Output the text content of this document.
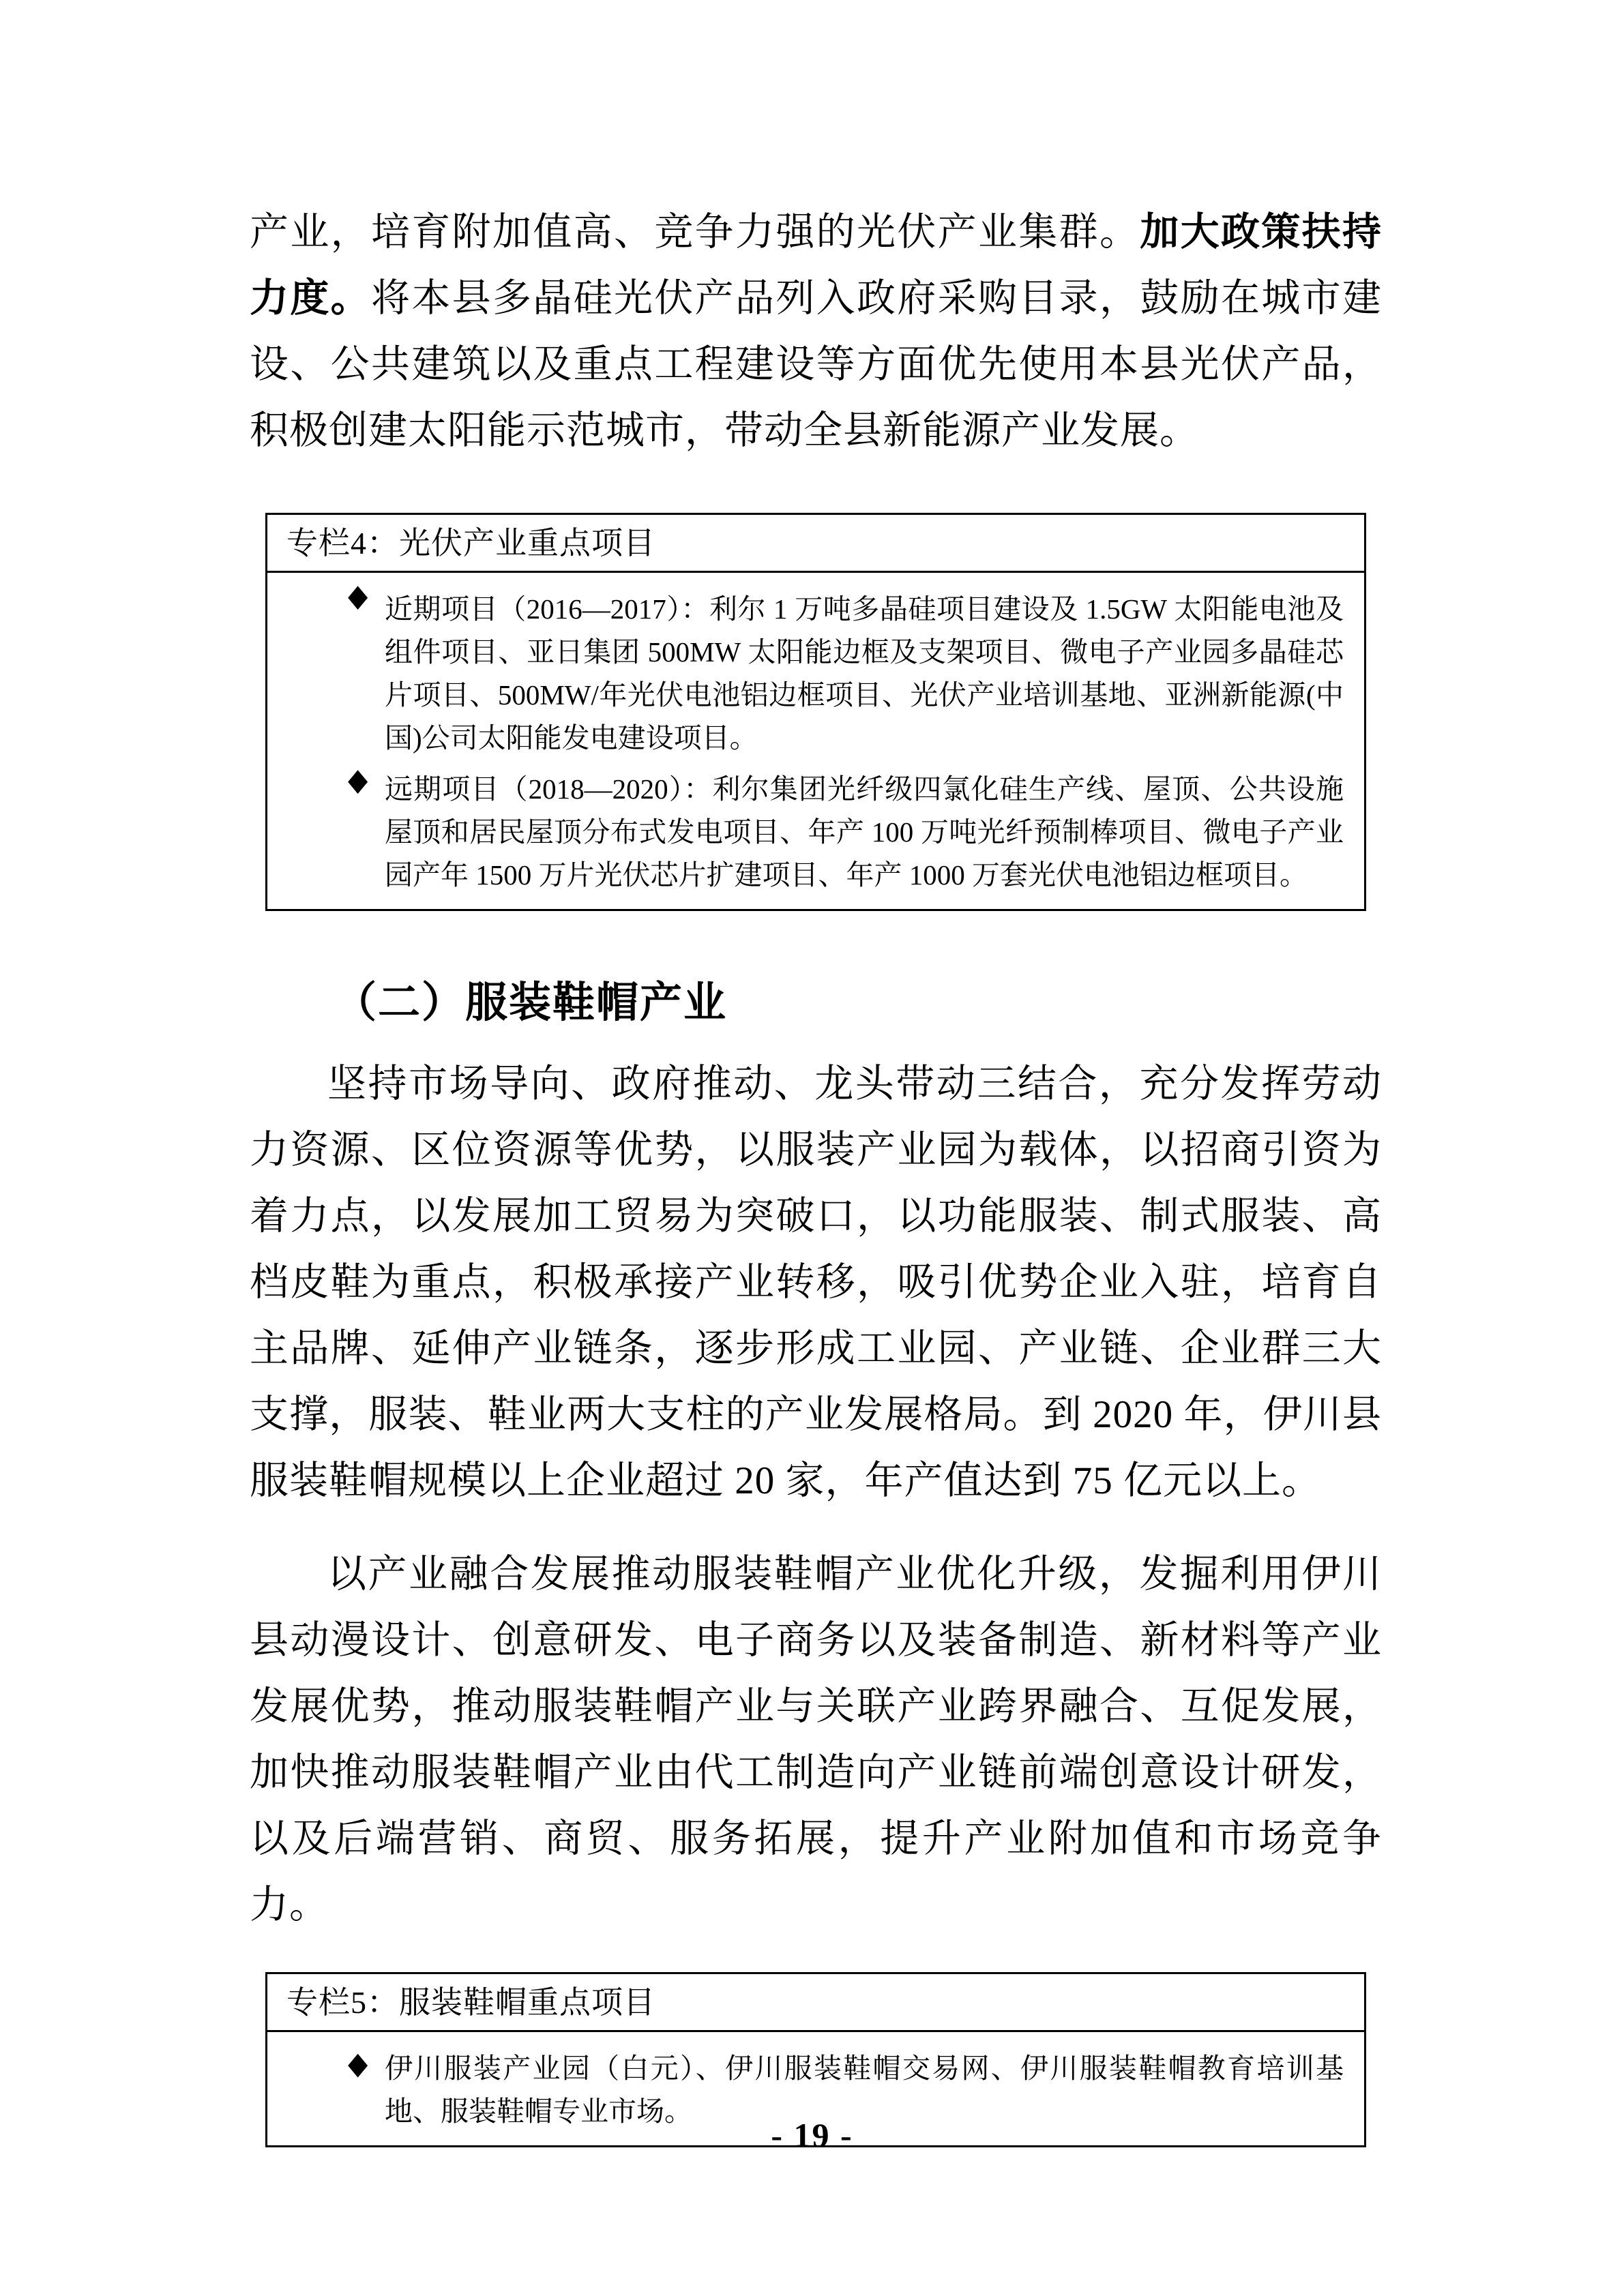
产业，培育附加值高、竞争力强的光伏产业集群。加大政策扶持力度。将本县多晶硅光伏产品列入政府采购目录，鼓励在城市建设、公共建筑以及重点工程建设等方面优先使用本县光伏产品，积极创建太阳能示范城市，带动全县新能源产业发展。

专栏4：光伏产业重点项目
◆ 近期项目（2016—2017）：利尔 1 万吨多晶硅项目建设及 1.5GW 太阳能电池及组件项目、亚日集团 500MW 太阳能边框及支架项目、微电子产业园多晶硅芯片项目、500MW/年光伏电池铝边框项目、光伏产业培训基地、亚洲新能源(中国)公司太阳能发电建设项目。
◆ 远期项目（2018—2020）：利尔集团光纤级四氯化硅生产线、屋顶、公共设施屋顶和居民屋顶分布式发电项目、年产 100 万吨光纤预制棒项目、微电子产业园产年 1500 万片光伏芯片扩建项目、年产 1000 万套光伏电池铝边框项目。
（二）服装鞋帽产业

坚持市场导向、政府推动、龙头带动三结合，充分发挥劳动力资源、区位资源等优势，以服装产业园为载体，以招商引资为着力点，以发展加工贸易为突破口，以功能服装、制式服装、高档皮鞋为重点，积极承接产业转移，吸引优势企业入驻，培育自主品牌、延伸产业链条，逐步形成工业园、产业链、企业群三大支撑，服装、鞋业两大支柱的产业发展格局。到 2020 年，伊川县服装鞋帽规模以上企业超过 20 家，年产值达到 75 亿元以上。

以产业融合发展推动服装鞋帽产业优化升级，发掘利用伊川县动漫设计、创意研发、电子商务以及装备制造、新材料等产业发展优势，推动服装鞋帽产业与关联产业跨界融合、互促发展，加快推动服装鞋帽产业由代工制造向产业链前端创意设计研发，以及后端营销、商贸、服务拓展，提升产业附加值和市场竞争力。

专栏5：服装鞋帽重点项目
◆ 伊川服装产业园（白元）、伊川服装鞋帽交易网、伊川服装鞋帽教育培训基地、服装鞋帽专业市场。
- 19 -
